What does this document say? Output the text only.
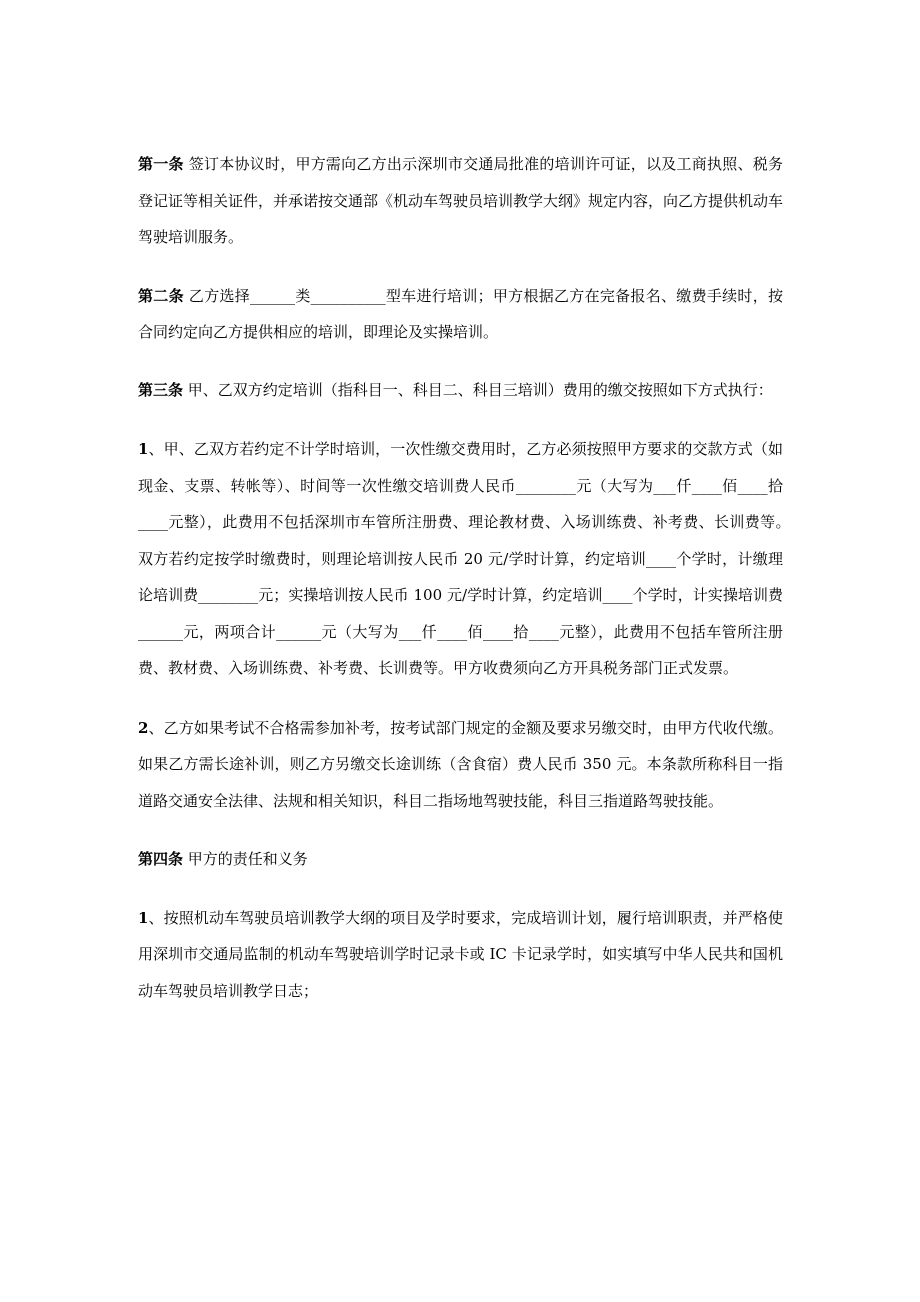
第一条 签订本协议时，甲方需向乙方出示深圳市交通局批准的培训许可证，以及工商执照、税务登记证等相关证件，并承诺按交通部《机动车驾驶员培训教学大纲》规定内容，向乙方提供机动车驾驶培训服务。

第二条 乙方选择______类__________型车进行培训；甲方根据乙方在完备报名、缴费手续时，按合同约定向乙方提供相应的培训，即理论及实操培训。

第三条 甲、乙双方约定培训（指科目一、科目二、科目三培训）费用的缴交按照如下方式执行：

1、甲、乙双方若约定不计学时培训，一次性缴交费用时，乙方必须按照甲方要求的交款方式（如现金、支票、转帐等）、时间等一次性缴交培训费人民币________元（大写为___仟____佰____拾____元整），此费用不包括深圳市车管所注册费、理论教材费、入场训练费、补考费、长训费等。　　双方若约定按学时缴费时，则理论培训按人民币 20 元/学时计算，约定培训____个学时，计缴理论培训费________元；实操培训按人民币 100 元/学时计算，约定培训____个学时，计实操培训费______元，两项合计______元（大写为___仟____佰____拾____元整），此费用不包括车管所注册费、教材费、入场训练费、补考费、长训费等。甲方收费须向乙方开具税务部门正式发票。

2、乙方如果考试不合格需参加补考，按考试部门规定的金额及要求另缴交时，由甲方代收代缴。如果乙方需长途补训，则乙方另缴交长途训练（含食宿）费人民币 350 元。本条款所称科目一指道路交通安全法律、法规和相关知识，科目二指场地驾驶技能，科目三指道路驾驶技能。

第四条 甲方的责任和义务

1、按照机动车驾驶员培训教学大纲的项目及学时要求，完成培训计划，履行培训职责，并严格使用深圳市交通局监制的机动车驾驶培训学时记录卡或 IC 卡记录学时，如实填写中华人民共和国机动车驾驶员培训教学日志；
